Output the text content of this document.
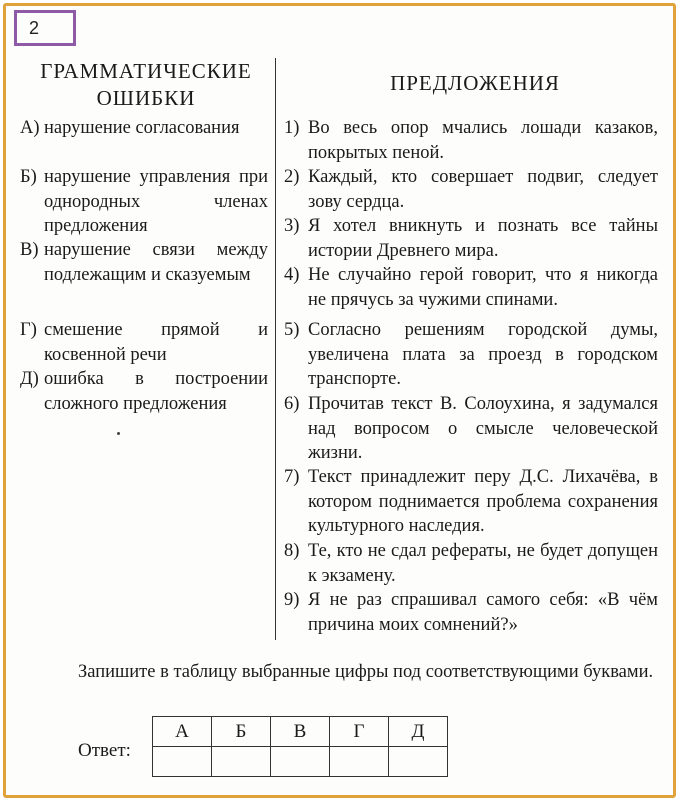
2
ГРАММАТИЧЕСКИЕ
ОШИБКИ
ПРЕДЛОЖЕНИЯ
А) нарушение согласования
Б) нарушение управления при однородных членах предложения
В) нарушение связи между подлежащим и сказуемым
Г) смешение прямой и косвенной речи
Д) ошибка в построении сложного предложения
1) Во весь опор мчались лошади казаков, покрытых пеной.
2) Каждый, кто совершает подвиг, следует зову сердца.
3) Я хотел вникнуть и познать все тайны истории Древнего мира.
4) Не случайно герой говорит, что я никогда не прячусь за чужими спинами.
5) Согласно решениям городской думы, увеличена плата за проезд в городском транспорте.
6) Прочитав текст В. Солоухина, я задумался над вопросом о смысле человеческой жизни.
7) Текст принадлежит перу Д.С. Лихачёва, в котором поднимается проблема сохранения культурного наследия.
8) Те, кто не сдал рефераты, не будет допущен к экзамену.
9) Я не раз спрашивал самого себя: «В чём причина моих сомнений?»
Запишите в таблицу выбранные цифры под соответствующими буквами.
Ответ:
А	Б	В	Г	Д
